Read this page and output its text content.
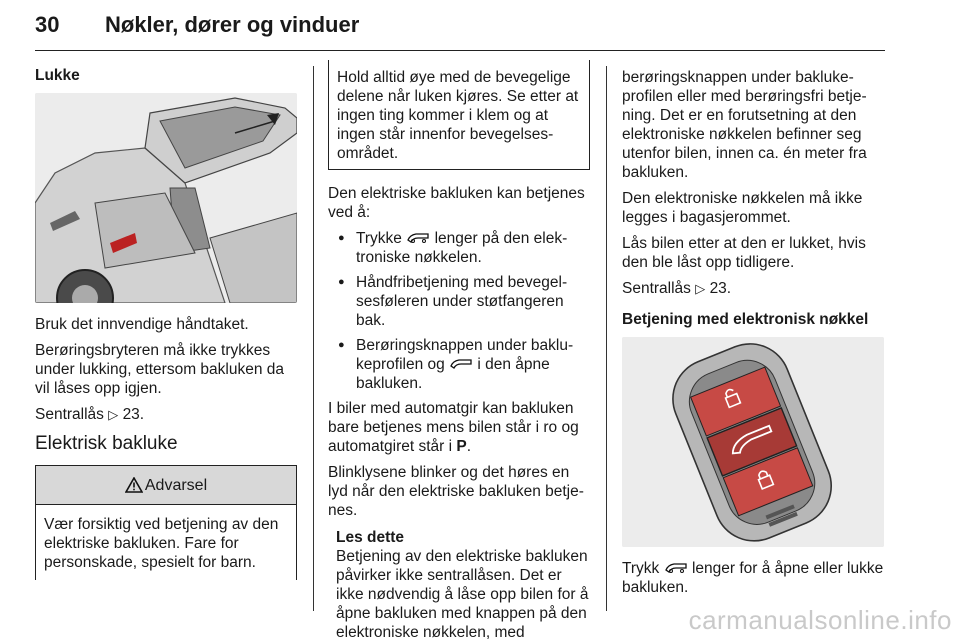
30 Nøkler, dører og vinduer
Lukke

Bruk det innvendige håndtaket.

Berøringsbryteren må ikke trykkes under lukking, ettersom bakluken da vil låses opp igjen.

Sentrallås ▷ 23.

Elektrisk bakluke
Advarsel
Vær forsiktig ved betjening av den elektriske bakluken. Fare for personskade, spesielt for barn.
Hold alltid øye med de bevegelige delene når luken kjøres. Se etter at ingen ting kommer i klem og at ingen står innenfor bevegelsesområdet.

Den elektriske bakluken kan betjenes ved å:

● Trykke lenger på den elektroniske nøkkelen.
● Håndfribetjening med bevegelsesføleren under støtfangeren bak.
● Berøringsknappen under baklukeprofilen og i den åpne bakluken.

I biler med automatgir kan bakluken bare betjenes mens bilen står i ro og automatgiret står i P.

Blinklysene blinker og det høres en lyd når den elektriske bakluken betjenes.

Les dette
Betjening av den elektriske bakluken påvirker ikke sentrallåsen. Det er ikke nødvendig å låse opp bilen for å åpne bakluken med knappen på den elektroniske nøkkelen, med

berøringsknappen under baklukeprofilen eller med berøringsfri betjening. Det er en forutsetning at den elektroniske nøkkelen befinner seg utenfor bilen, innen ca. én meter fra bakluken.

Den elektroniske nøkkelen må ikke legges i bagasjerommet.

Lås bilen etter at den er lukket, hvis den ble låst opp tidligere.

Sentrallås ▷ 23.

Betjening med elektronisk nøkkel

Trykk lenger for å åpne eller lukke bakluken.

carmanualsonline.info
